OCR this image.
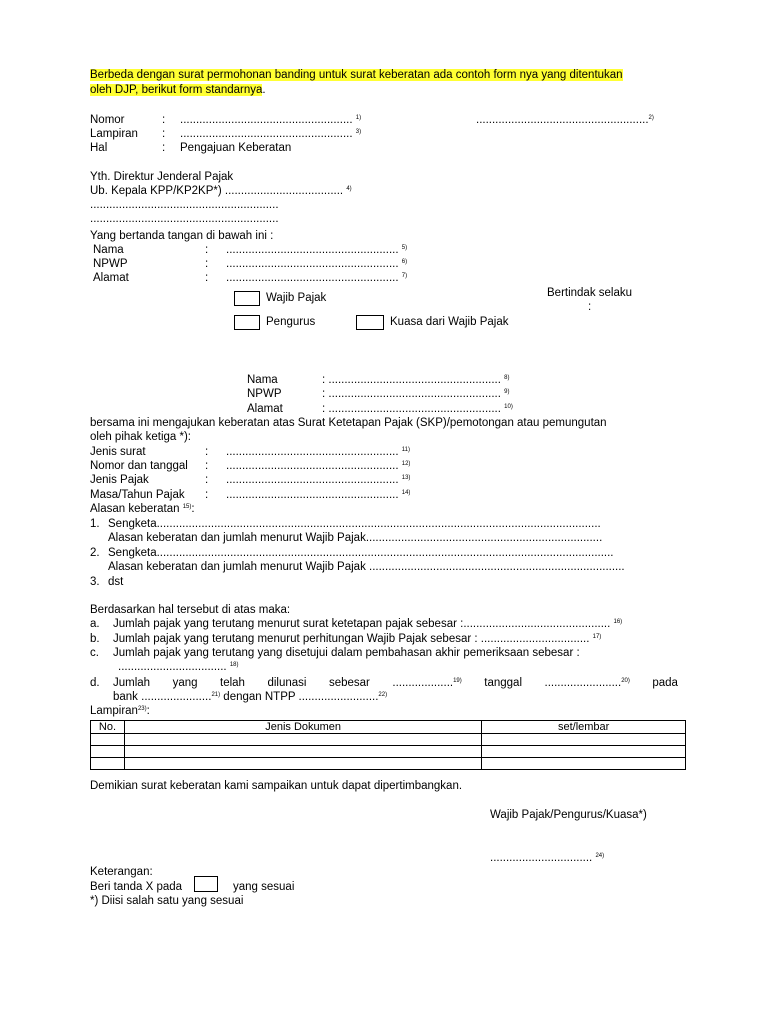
Berbeda dengan surat permohonan banding untuk surat keberatan ada contoh form nya yang ditentukan
oleh DJP, berikut form standarnya.
Nomor	: ...................................................... $^{1)}$	......................................................$^{2)}$
Lampiran : ...................................................... $^{3)}$
Hal	: Pengajuan Keberatan
Yth. Direktur Jenderal Pajak
Ub. Kepala KPP/KP2KP*) ..................................... $^{4)}$
...........................................................
...........................................................
Yang bertanda tangan di bawah ini :
Nama	: ...................................................... $^{5)}$
NPWP	: ...................................................... $^{6)}$
Alamat	: ...................................................... $^{7)}$
Bertindak selaku
:
Wajib Pajak
Pengurus	Kuasa dari Wajib Pajak
Nama	: ...................................................... $^{8)}$
NPWP	: ...................................................... $^{9)}$
Alamat	: ...................................................... $^{10)}$
bersama ini mengajukan keberatan atas Surat Ketetapan Pajak (SKP)/pemotongan atau pemungutan
oleh pihak ketiga *):
Jenis surat	: ...................................................... $^{11)}$
Nomor dan tanggal : ...................................................... $^{12)}$
Jenis Pajak	: ...................................................... $^{13)}$
Masa/Tahun Pajak : ...................................................... $^{14)}$
Alasan keberatan $^{15)}$:
1. Sengketa...........................................................................................................................................
Alasan keberatan dan jumlah menurut Wajib Pajak..........................................................................
2. Sengketa...............................................................................................................................................
Alasan keberatan dan jumlah menurut Wajib Pajak ................................................................................
3. dst
Berdasarkan hal tersebut di atas maka:
a. Jumlah pajak yang terutang menurut surat ketetapan pajak sebesar :.............................................. $^{16)}$
b. Jumlah pajak yang terutang menurut perhitungan Wajib Pajak sebesar : .................................. $^{17)}$
c. Jumlah pajak yang terutang yang disetujui dalam pembahasan akhir pemeriksaan sebesar :
.................................. $^{18)}$
d. Jumlah yang telah dilunasi sebesar ...................$^{19)}$ tanggal ........................$^{20)}$ pada
bank ......................$^{21)}$ dengan NTPP .........................$^{22)}$
Lampiran$^{23)}$:
No.	Jenis Dokumen	set/lembar

Demikian surat keberatan kami sampaikan untuk dapat dipertimbangkan.
Wajib Pajak/Pengurus/Kuasa*)
................................ $^{24)}$
Keterangan:
Beri tanda X pada	yang sesuai
*) Diisi salah satu yang sesuai
